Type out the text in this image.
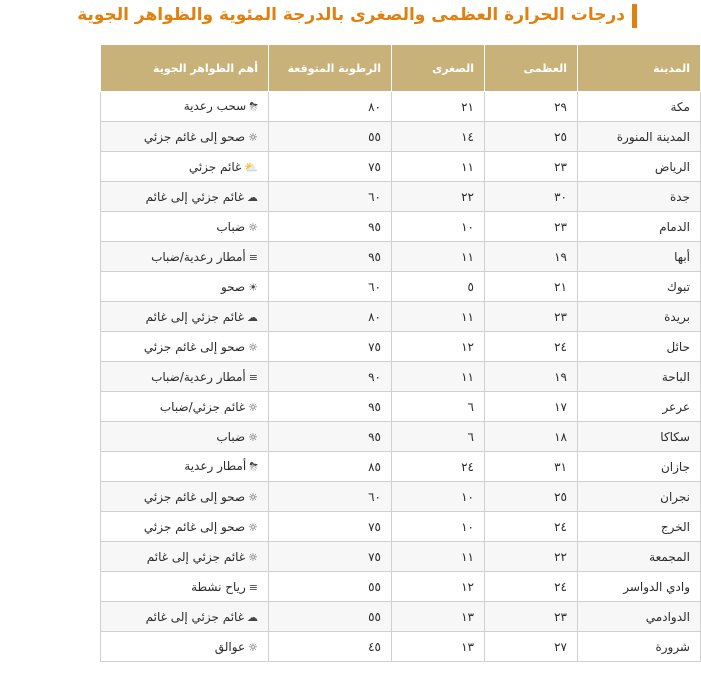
درجات الحرارة العظمى والصغرى بالدرجة المئوية والظواهر الجوية
المدينة	العظمى	الصغرى	الرطوبة المتوقعة	أهم الظواهر الجوية
مكة	٢٩	٢١	٨٠	⛈سحب رعدية
المدينة المنورة	٢٥	١٤	٥٥	☼صحو إلى غائم جزئي
الرياض	٢٣	١١	٧٥	⛅غائم جزئي
جدة	٣٠	٢٢	٦٠	☁غائم جزئي إلى غائم
الدمام	٢٣	١٠	٩٥	☼ضباب
أبها	١٩	١١	٩٥	≡أمطار رعدية/ضباب
تبوك	٢١	٥	٦٠	☀صحو
بريدة	٢٣	١١	٨٠	☁غائم جزئي إلى غائم
حائل	٢٤	١٢	٧٥	☼صحو إلى غائم جزئي
الباحة	١٩	١١	٩٠	≡أمطار رعدية/ضباب
عرعر	١٧	٦	٩٥	☼غائم جزئي/ضباب
سكاكا	١٨	٦	٩٥	☼ضباب
جازان	٣١	٢٤	٨٥	⛈أمطار رعدية
نجران	٢٥	١٠	٦٠	☼صحو إلى غائم جزئي
الخرج	٢٤	١٠	٧٥	☼صحو إلى غائم جزئي
المجمعة	٢٢	١١	٧٥	☼غائم جزئي إلى غائم
وادي الدواسر	٢٤	١٢	٥٥	≡رياح نشطة
الدوادمي	٢٣	١٣	٥٥	☁غائم جزئي إلى غائم
شرورة	٢٧	١٣	٤٥	☼عوالق
